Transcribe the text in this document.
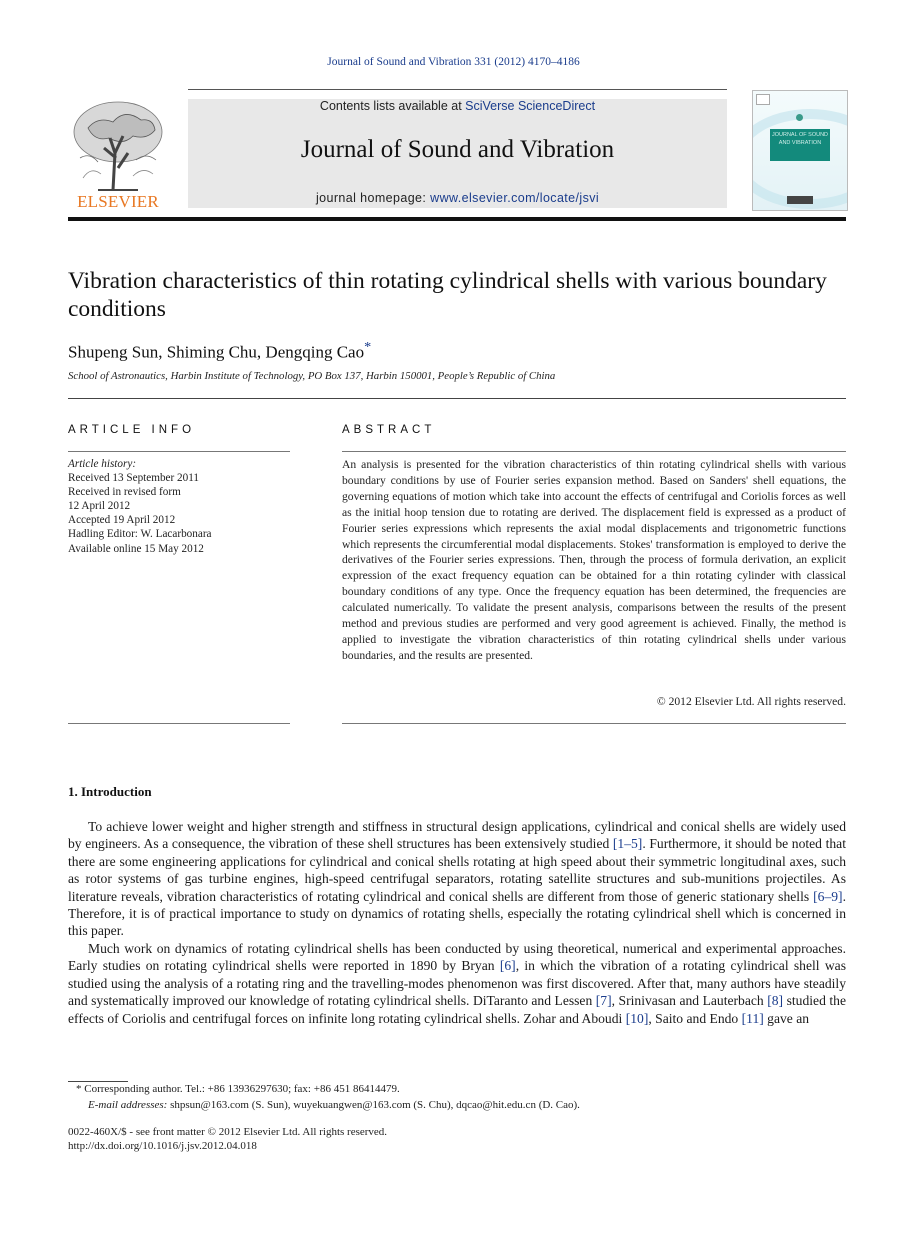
Journal of Sound and Vibration 331 (2012) 4170–4186
ELSEVIER
Contents lists available at SciVerse ScienceDirect
Journal of Sound and Vibration
journal homepage: www.elsevier.com/locate/jsvi
JOURNAL OF SOUND AND VIBRATION
Vibration characteristics of thin rotating cylindrical shells with various boundary conditions
Shupeng Sun, Shiming Chu, Dengqing Cao*
School of Astronautics, Harbin Institute of Technology, PO Box 137, Harbin 150001, People’s Republic of China
ARTICLE INFO	ABSTRACT
Article history:
Received 13 September 2011
Received in revised form
12 April 2012
Accepted 19 April 2012
Hadling Editor: W. Lacarbonara
Available online 15 May 2012
An analysis is presented for the vibration characteristics of thin rotating cylindrical shells with various boundary conditions by use of Fourier series expansion method. Based on Sanders' shell equations, the governing equations of motion which take into account the effects of centrifugal and Coriolis forces as well as the initial hoop tension due to rotating are derived. The displacement field is expressed as a product of Fourier series expressions which represents the axial modal displacements and trigonometric functions which represents the circumferential modal displacements. Stokes' transformation is employed to derive the derivatives of the Fourier series expressions. Then, through the process of formula derivation, an explicit expression of the exact frequency equation can be obtained for a thin rotating cylinder with classical boundary conditions of any type. Once the frequency equation has been determined, the frequencies are calculated numerically. To validate the present analysis, comparisons between the results of the present method and previous studies are performed and very good agreement is achieved. Finally, the method is applied to investigate the vibration characteristics of thin rotating cylindrical shells under various boundaries, and the results are presented.
© 2012 Elsevier Ltd. All rights reserved.
1. Introduction

To achieve lower weight and higher strength and stiffness in structural design applications, cylindrical and conical shells are widely used by engineers. As a consequence, the vibration of these shell structures has been extensively studied [1–5]. Furthermore, it should be noted that there are some engineering applications for cylindrical and conical shells rotating at high speed about their symmetric longitudinal axes, such as rotor systems of gas turbine engines, high-speed centrifugal separators, rotating satellite structures and sub-munitions projectiles. As literature reveals, vibration characteristics of rotating cylindrical and conical shells are different from those of generic stationary shells [6–9]. Therefore, it is of practical importance to study on dynamics of rotating shells, especially the rotating cylindrical shell which is concerned in this paper.

Much work on dynamics of rotating cylindrical shells has been conducted by using theoretical, numerical and experimental approaches. Early studies on rotating cylindrical shells were reported in 1890 by Bryan [6], in which the vibration of a rotating cylindrical shell was studied using the analysis of a rotating ring and the travelling-modes phenomenon was first discovered. After that, many authors have steadily and systematically improved our knowledge of rotating cylindrical shells. DiTaranto and Lessen [7], Srinivasan and Lauterbach [8] studied the effects of Coriolis and centrifugal forces on infinite long rotating cylindrical shells. Zohar and Aboudi [10], Saito and Endo [11] gave an

* Corresponding author. Tel.: +86 13936297630; fax: +86 451 86414479.
E-mail addresses: shpsun@163.com (S. Sun), wuyekuangwen@163.com (S. Chu), dqcao@hit.edu.cn (D. Cao).
0022-460X/$ - see front matter © 2012 Elsevier Ltd. All rights reserved.
http://dx.doi.org/10.1016/j.jsv.2012.04.018
